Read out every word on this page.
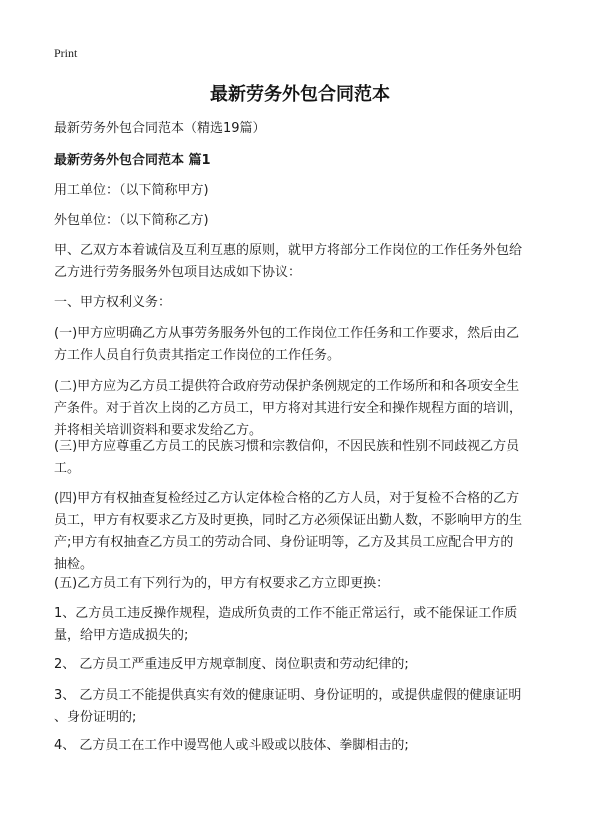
Print
最新劳务外包合同范本
最新劳务外包合同范本（精选19篇）
最新劳务外包合同范本 篇1
用工单位：（以下简称甲方)
外包单位：（以下简称乙方)
甲、乙双方本着诚信及互利互惠的原则，就甲方将部分工作岗位的工作任务外包给
乙方进行劳务服务外包项目达成如下协议：
一、甲方权利义务：
(一)甲方应明确乙方从事劳务服务外包的工作岗位工作任务和工作要求，然后由乙
方工作人员自行负责其指定工作岗位的工作任务。
(二)甲方应为乙方员工提供符合政府劳动保护条例规定的工作场所和和各项安全生
产条件。对于首次上岗的乙方员工，甲方将对其进行安全和操作规程方面的培训，
并将相关培训资料和要求发给乙方。
(三)甲方应尊重乙方员工的民族习惯和宗教信仰，不因民族和性别不同歧视乙方员
工。
(四)甲方有权抽查复检经过乙方认定体检合格的乙方人员，对于复检不合格的乙方
员工，甲方有权要求乙方及时更换，同时乙方必须保证出勤人数，不影响甲方的生
产;甲方有权抽查乙方员工的劳动合同、身份证明等，乙方及其员工应配合甲方的
抽检。
(五)乙方员工有下列行为的，甲方有权要求乙方立即更换：
1、乙方员工违反操作规程，造成所负责的工作不能正常运行，或不能保证工作质
量，给甲方造成损失的;
2、 乙方员工严重违反甲方规章制度、岗位职责和劳动纪律的;
3、 乙方员工不能提供真实有效的健康证明、身份证明的，或提供虚假的健康证明
、身份证明的;
4、 乙方员工在工作中谩骂他人或斗殴或以肢体、拳脚相击的;
